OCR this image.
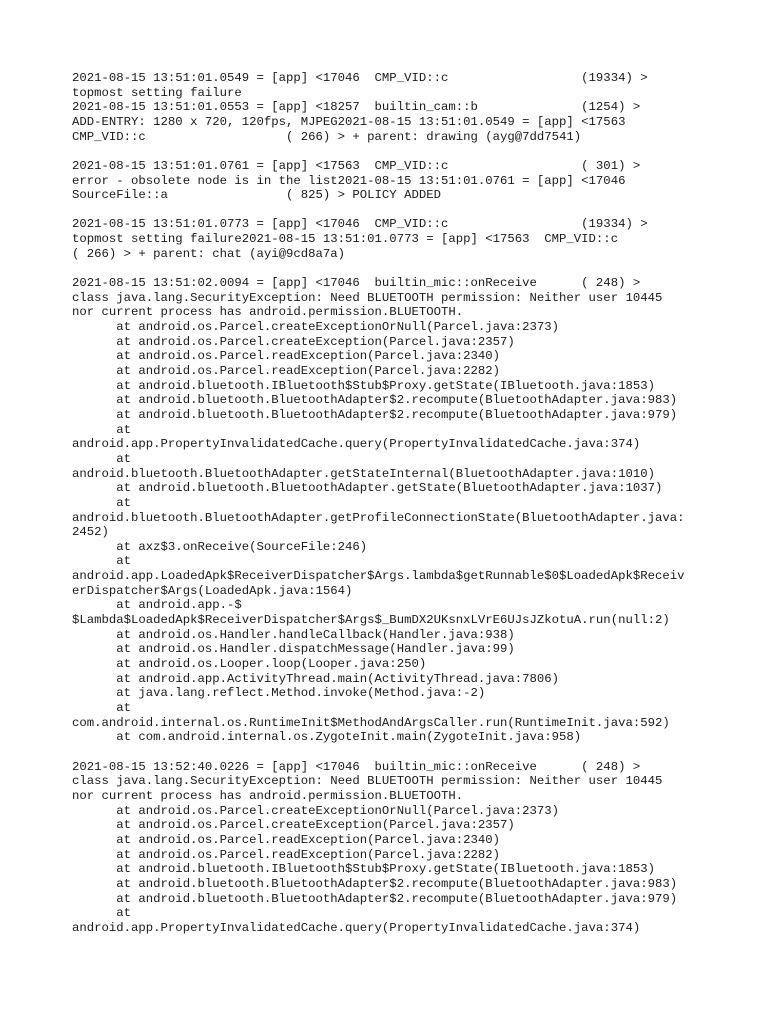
2021-08-15 13:51:01.0549 = [app] <17046  CMP_VID::c                  (19334) >
topmost setting failure
2021-08-15 13:51:01.0553 = [app] <18257  builtin_cam::b              (1254) >
ADD-ENTRY: 1280 x 720, 120fps, MJPEG2021-08-15 13:51:01.0549 = [app] <17563
CMP_VID::c                   ( 266) > + parent: drawing (ayg@7dd7541)
2021-08-15 13:51:01.0761 = [app] <17563  CMP_VID::c                  ( 301) >
error - obsolete node is in the list2021-08-15 13:51:01.0761 = [app] <17046
SourceFile::a                ( 825) > POLICY ADDED
2021-08-15 13:51:01.0773 = [app] <17046  CMP_VID::c                  (19334) >
topmost setting failure2021-08-15 13:51:01.0773 = [app] <17563  CMP_VID::c
( 266) > + parent: chat (ayi@9cd8a7a)
2021-08-15 13:51:02.0094 = [app] <17046  builtin_mic::onReceive      ( 248) >
class java.lang.SecurityException: Need BLUETOOTH permission: Neither user 10445
nor current process has android.permission.BLUETOOTH.
at android.os.Parcel.createExceptionOrNull(Parcel.java:2373)
at android.os.Parcel.createException(Parcel.java:2357)
at android.os.Parcel.readException(Parcel.java:2340)
at android.os.Parcel.readException(Parcel.java:2282)
at android.bluetooth.IBluetooth$Stub$Proxy.getState(IBluetooth.java:1853)
at android.bluetooth.BluetoothAdapter$2.recompute(BluetoothAdapter.java:983)
at android.bluetooth.BluetoothAdapter$2.recompute(BluetoothAdapter.java:979)
at
android.app.PropertyInvalidatedCache.query(PropertyInvalidatedCache.java:374)
at
android.bluetooth.BluetoothAdapter.getStateInternal(BluetoothAdapter.java:1010)
at android.bluetooth.BluetoothAdapter.getState(BluetoothAdapter.java:1037)
at
android.bluetooth.BluetoothAdapter.getProfileConnectionState(BluetoothAdapter.java:
2452)
at axz$3.onReceive(SourceFile:246)
at
android.app.LoadedApk$ReceiverDispatcher$Args.lambda$getRunnable$0$LoadedApk$Receiv
erDispatcher$Args(LoadedApk.java:1564)
at android.app.-$
$Lambda$LoadedApk$ReceiverDispatcher$Args$_BumDX2UKsnxLVrE6UJsJZkotuA.run(null:2)
at android.os.Handler.handleCallback(Handler.java:938)
at android.os.Handler.dispatchMessage(Handler.java:99)
at android.os.Looper.loop(Looper.java:250)
at android.app.ActivityThread.main(ActivityThread.java:7806)
at java.lang.reflect.Method.invoke(Method.java:-2)
at
com.android.internal.os.RuntimeInit$MethodAndArgsCaller.run(RuntimeInit.java:592)
at com.android.internal.os.ZygoteInit.main(ZygoteInit.java:958)
2021-08-15 13:52:40.0226 = [app] <17046  builtin_mic::onReceive      ( 248) >
class java.lang.SecurityException: Need BLUETOOTH permission: Neither user 10445
nor current process has android.permission.BLUETOOTH.
at android.os.Parcel.createExceptionOrNull(Parcel.java:2373)
at android.os.Parcel.createException(Parcel.java:2357)
at android.os.Parcel.readException(Parcel.java:2340)
at android.os.Parcel.readException(Parcel.java:2282)
at android.bluetooth.IBluetooth$Stub$Proxy.getState(IBluetooth.java:1853)
at android.bluetooth.BluetoothAdapter$2.recompute(BluetoothAdapter.java:983)
at android.bluetooth.BluetoothAdapter$2.recompute(BluetoothAdapter.java:979)
at
android.app.PropertyInvalidatedCache.query(PropertyInvalidatedCache.java:374)
